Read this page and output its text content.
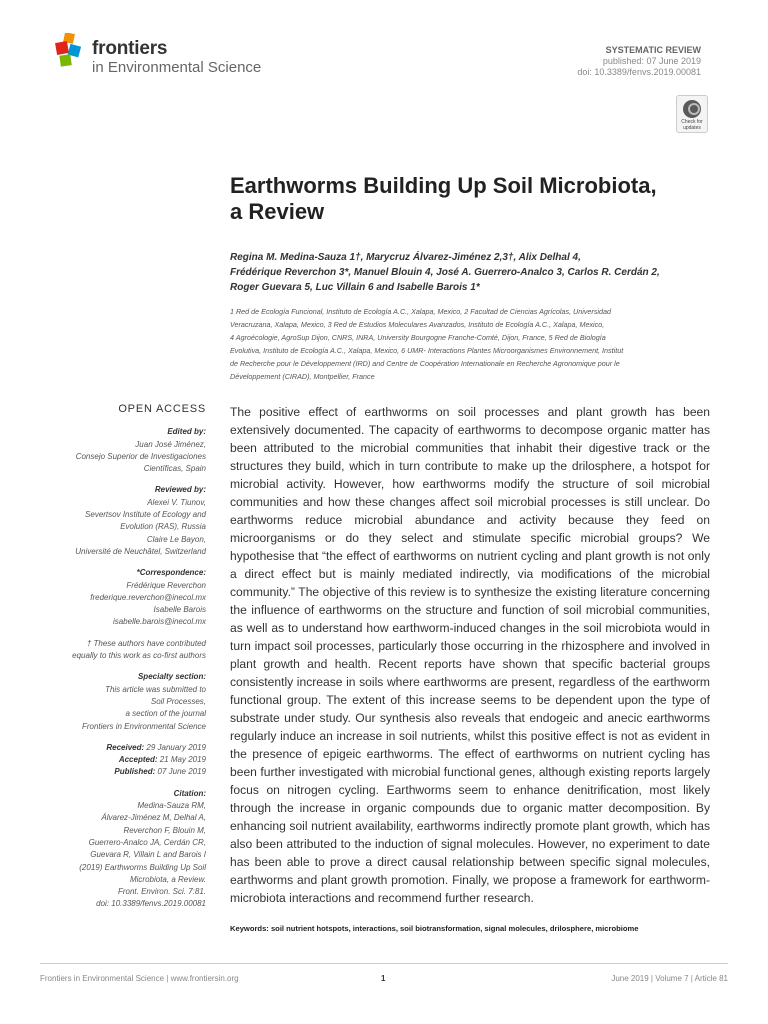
frontiers
in Environmental Science
SYSTEMATIC REVIEW
published: 07 June 2019
doi: 10.3389/fenvs.2019.00081
Check for updates
Earthworms Building Up Soil Microbiota, a Review
Regina M. Medina-Sauza 1†, Marycruz Álvarez-Jiménez 2,3†, Alix Delhal 4,
Frédérique Reverchon 3*, Manuel Blouin 4, José A. Guerrero-Analco 3, Carlos R. Cerdán 2,
Roger Guevara 5, Luc Villain 6 and Isabelle Barois 1*
1 Red de Ecología Funcional, Instituto de Ecología A.C., Xalapa, Mexico, 2 Facultad de Ciencias Agrícolas, Universidad
Veracruzana, Xalapa, Mexico, 3 Red de Estudios Moleculares Avanzados, Instituto de Ecología A.C., Xalapa, Mexico,
4 Agroécologie, AgroSup Dijon, CNRS, INRA, University Bourgogne Franche-Comté, Dijon, France, 5 Red de Biología
Evolutiva, Instituto de Ecología A.C., Xalapa, Mexico, 6 UMR- Interactions Plantes Microorganismes Environnement, Institut
de Recherche pour le Développement (IRD) and Centre de Coopération Internationale en Recherche Agronomique pour le
Développement (CIRAD), Montpellier, France
OPEN ACCESS
Edited by:
Juan José Jiménez,
Consejo Superior de Investigaciones
Científicas, Spain
Reviewed by:
Alexei V. Tiunov,
Severtsov Institute of Ecology and
Evolution (RAS), Russia
Claire Le Bayon,
Université de Neuchâtel, Switzerland
*Correspondence:
Frédérique Reverchon
frederique.reverchon@inecol.mx
Isabelle Barois
isabelle.barois@inecol.mx
† These authors have contributed
equally to this work as co-first authors
Specialty section:
This article was submitted to
Soil Processes,
a section of the journal
Frontiers in Environmental Science
Received: 29 January 2019
Accepted: 21 May 2019
Published: 07 June 2019
Citation:
Medina-Sauza RM,
Álvarez-Jiménez M, Delhal A,
Reverchon F, Blouin M,
Guerrero-Analco JA, Cerdán CR,
Guevara R, Villain L and Barois I
(2019) Earthworms Building Up Soil
Microbiota, a Review.
Front. Environ. Sci. 7:81.
doi: 10.3389/fenvs.2019.00081
The positive effect of earthworms on soil processes and plant growth has been extensively documented. The capacity of earthworms to decompose organic matter has been attributed to the microbial communities that inhabit their digestive track or the structures they build, which in turn contribute to make up the drilosphere, a hotspot for microbial activity. However, how earthworms modify the structure of soil microbial communities and how these changes affect soil microbial processes is still unclear. Do earthworms reduce microbial abundance and activity because they feed on microorganisms or do they select and stimulate specific microbial groups? We hypothesise that “the effect of earthworms on nutrient cycling and plant growth is not only a direct effect but is mainly mediated indirectly, via modifications of the microbial community.” The objective of this review is to synthesize the existing literature concerning the influence of earthworms on the structure and function of soil microbial communities, as well as to understand how earthworm-induced changes in the soil microbiota would in turn impact soil processes, particularly those occurring in the rhizosphere and involved in plant growth and health. Recent reports have shown that specific bacterial groups consistently increase in soils where earthworms are present, regardless of the earthworm functional group. The extent of this increase seems to be dependent upon the type of substrate under study. Our synthesis also reveals that endogeic and anecic earthworms regularly induce an increase in soil nutrients, whilst this positive effect is not as evident in the presence of epigeic earthworms. The effect of earthworms on nutrient cycling has been further investigated with microbial functional genes, although existing reports largely focus on nitrogen cycling. Earthworms seem to enhance denitrification, most likely through the increase in organic compounds due to organic matter decomposition. By enhancing soil nutrient availability, earthworms indirectly promote plant growth, which has also been attributed to the induction of signal molecules. However, no experiment to date has been able to prove a direct causal relationship between specific signal molecules, earthworms and plant growth promotion. Finally, we propose a framework for earthworm-microbiota interactions and recommend further research.
Keywords: soil nutrient hotspots, interactions, soil biotransformation, signal molecules, drilosphere, microbiome
Frontiers in Environmental Science | www.frontiersin.org	1	June 2019 | Volume 7 | Article 81
